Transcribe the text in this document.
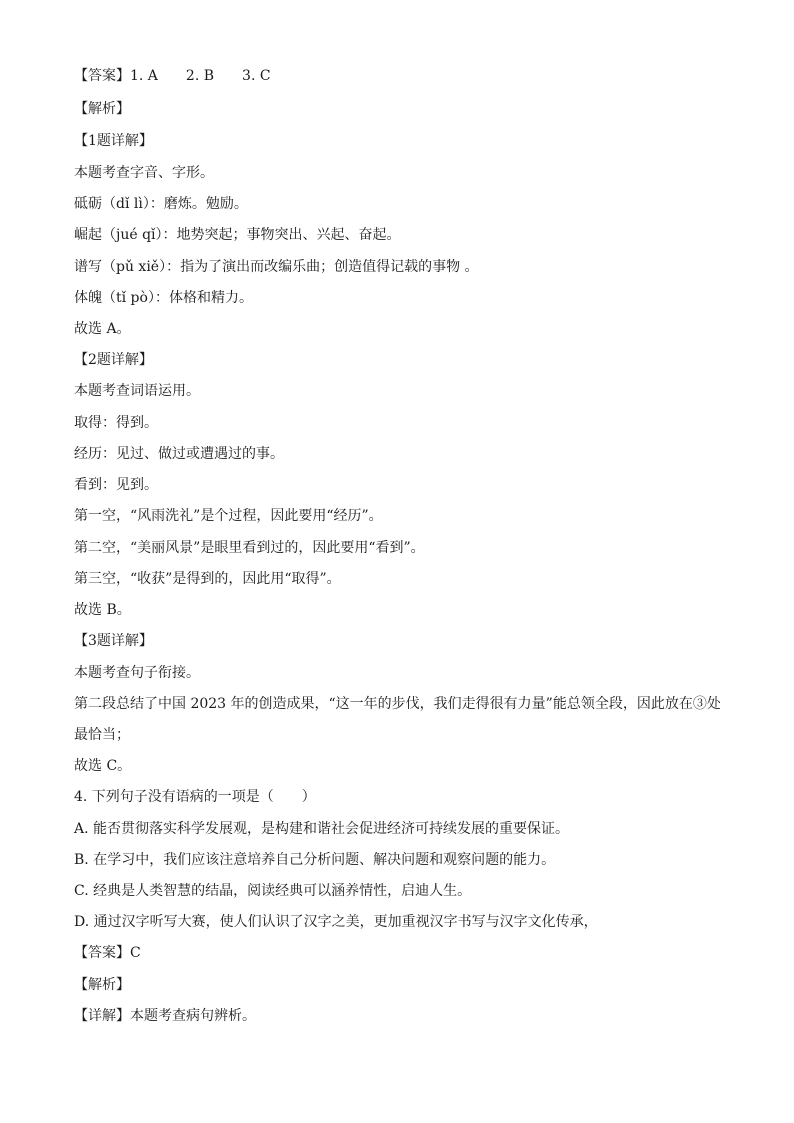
【答案】1. A 2. B 3. C
【解析】
【1题详解】
本题考查字音、字形。
砥砺（dǐ lì）：磨炼。勉励。
崛起（jué qǐ）：地势突起；事物突出、兴起、奋起。
谱写（pǔ xiě）：指为了演出而改编乐曲；创造值得记载的事物 。
体魄（tǐ pò）：体格和精力。
故选 A。
【2题详解】
本题考查词语运用。
取得：得到。
经历：见过、做过或遭遇过的事。
看到：见到。
第一空，“风雨洗礼”是个过程，因此要用“经历”。
第二空，“美丽风景”是眼里看到过的，因此要用“看到”。
第三空，“收获”是得到的，因此用“取得”。
故选 B。
【3题详解】
本题考查句子衔接。
第二段总结了中国 2023 年的创造成果，“这一年的步伐，我们走得很有力量”能总领全段，因此放在③处最恰当；
故选 C。
4. 下列句子没有语病的一项是（　　）
A. 能否贯彻落实科学发展观，是构建和谐社会促进经济可持续发展的重要保证。
B. 在学习中，我们应该注意培养自己分析问题、解决问题和观察问题的能力。
C. 经典是人类智慧的结晶，阅读经典可以涵养情性，启迪人生。
D. 通过汉字听写大赛，使人们认识了汉字之美，更加重视汉字书写与汉字文化传承，
【答案】C
【解析】
【详解】本题考查病句辨析。
